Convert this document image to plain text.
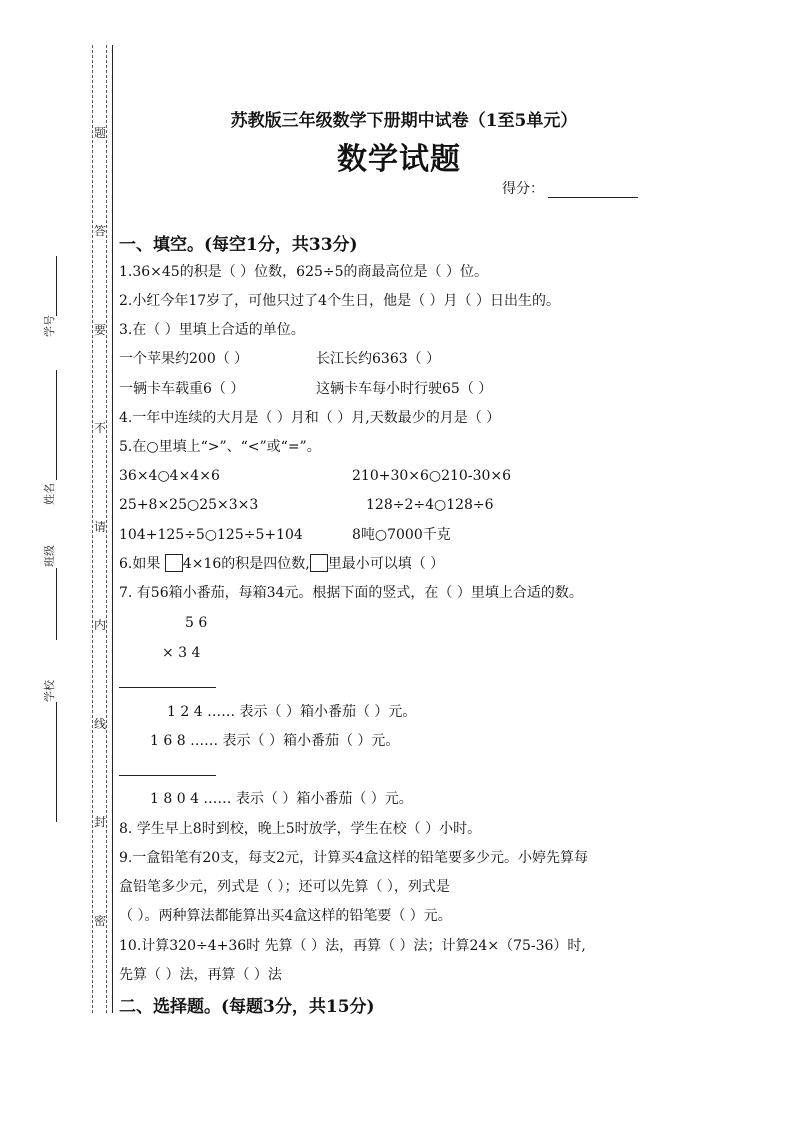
题
答
要
不
请
内
线
封
密
学号
姓名
班级
学校
苏教版三年级数学下册期中试卷（1至5单元）
数学试题
得分：
一、填空。(每空1分，共33分)
1.36×45的积是（ ）位数，625÷5的商最高位是（ ）位。
2.小红今年17岁了，可他只过了4个生日，他是（ ）月（ ）日出生的。
3.在（ ）里填上合适的单位。
一个苹果约200（ ）	长江长约6363（ ）
一辆卡车载重6（ ）	这辆卡车每小时行驶65（ ）
4.一年中连续的大月是（ ）月和（ ）月,天数最少的月是（ ）
5.在○里填上“>”、“<”或“=”。
36×4○4×4×6	210+30×6○210-30×6
25+8×25○25×3×3	128÷2÷4○128÷6
104+125÷5○125÷5+104	8吨○7000千克
6.如果 4×16的积是四位数, 里最小可以填（ ）
7. 有56箱小番茄，每箱34元。根据下面的竖式，在（ ）里填上合适的数。
5 6
× 3 4
1 2 4 …… 表示（ ）箱小番茄（ ）元。
1 6 8 …… 表示（ ）箱小番茄（ ）元。
1 8 0 4 …… 表示（ ）箱小番茄（ ）元。
8. 学生早上8时到校，晚上5时放学，学生在校（ ）小时。
9.一盒铅笔有20支，每支2元，计算买4盒这样的铅笔要多少元。小婷先算每
盒铅笔多少元，列式是（ ）；还可以先算（ ），列式是
（ ）。两种算法都能算出买4盒这样的铅笔要（ ）元。
10.计算320÷4+36时 先算（ ）法，再算（ ）法；计算24×（75-36）时,
先算（ ）法，再算（ ）法
二、选择题。(每题3分，共15分)
